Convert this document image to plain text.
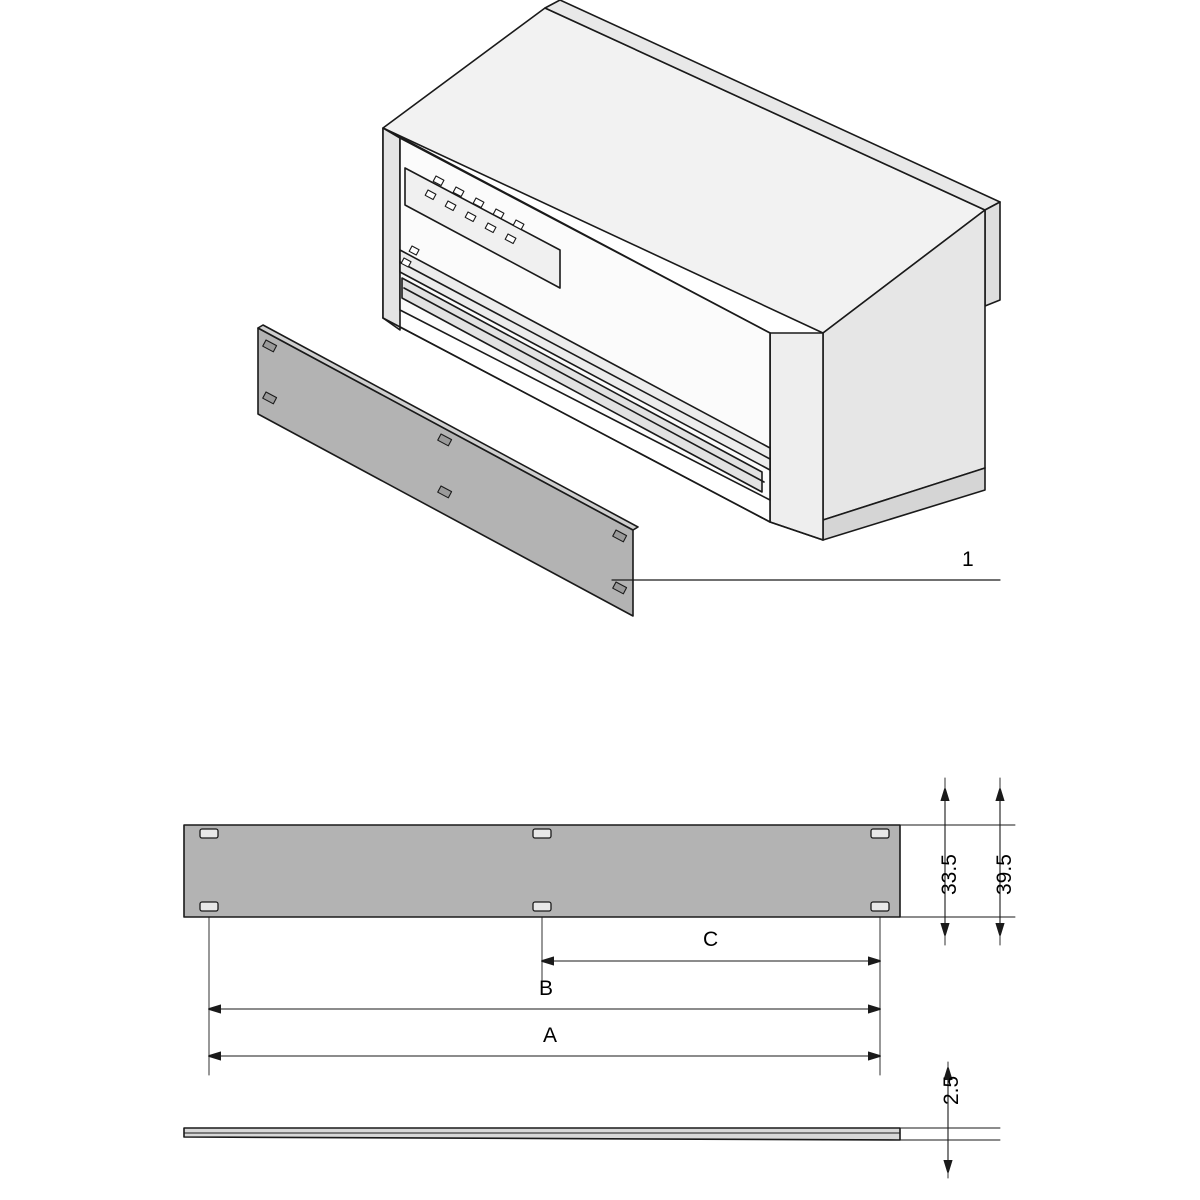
1
C
B
A
33.5 39.5
2.5
